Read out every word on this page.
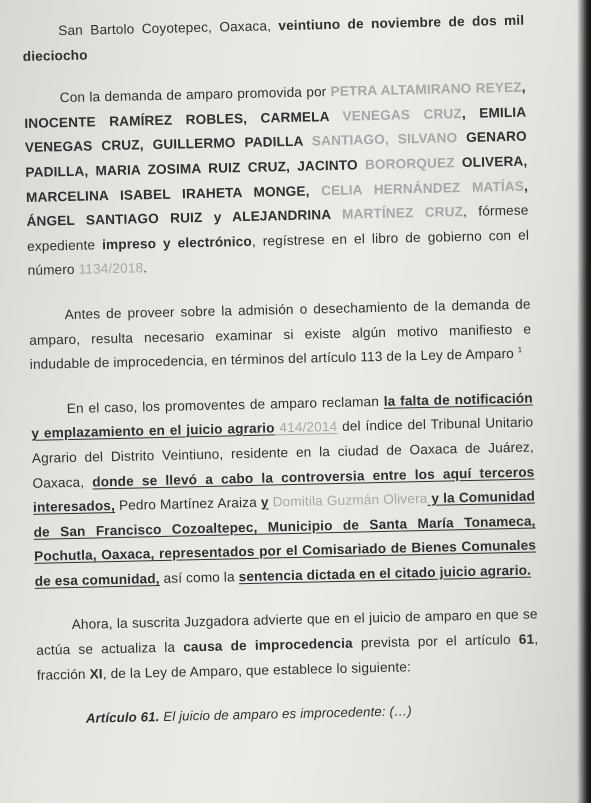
San Bartolo Coyotepec, Oaxaca, veintiuno de noviembre de dos mil dieciocho

Con la demanda de amparo promovida por PETRA ALTAMIRANO REYEZ, INOCENTE RAMÍREZ ROBLES, CARMELA VENEGAS CRUZ, EMILIA VENEGAS CRUZ, GUILLERMO PADILLA SANTIAGO, SILVANO GENARO PADILLA, MARIA ZOSIMA RUIZ CRUZ, JACINTO BORORQUEZ OLIVERA, MARCELINA ISABEL IRAHETA MONGE, CELIA HERNÁNDEZ MATÍAS, ÁNGEL SANTIAGO RUIZ y ALEJANDRINA MARTÍNEZ CRUZ, fórmese expediente impreso y electrónico, regístrese en el libro de gobierno con el número 1134/2018.

Antes de proveer sobre la admisión o desechamiento de la demanda de amparo, resulta necesario examinar si existe algún motivo manifiesto e indudable de improcedencia, en términos del artículo 113 de la Ley de Amparo $^1$

En el caso, los promoventes de amparo reclaman la falta de notificación y emplazamiento en el juicio agrario 414/2014 del índice del Tribunal Unitario Agrario del Distrito Veintiuno, residente en la ciudad de Oaxaca de Juárez, Oaxaca, donde se llevó a cabo la controversia entre los aquí terceros interesados, Pedro Martínez Araiza y Domitila Guzmán Olivera y la Comunidad de San Francisco Cozoaltepec, Municipio de Santa María Tonameca, Pochutla, Oaxaca, representados por el Comisariado de Bienes Comunales de esa comunidad, así como la sentencia dictada en el citado juicio agrario.

Ahora, la suscrita Juzgadora advierte que en el juicio de amparo en que se actúa se actualiza la causa de improcedencia prevista por el artículo 61, fracción XI, de la Ley de Amparo, que establece lo siguiente:

Artículo 61. El juicio de amparo es improcedente: (…)
